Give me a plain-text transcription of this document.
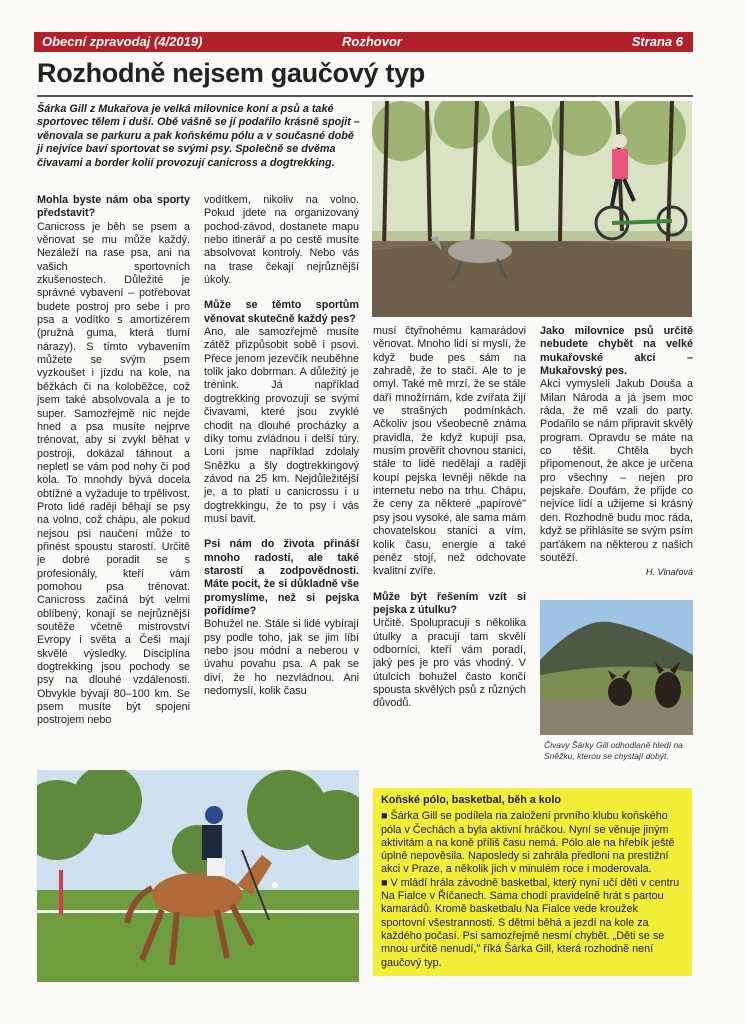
Obecní zpravodaj (4/2019)	Rozhovor	Strana 6
Rozhodně nejsem gaučový typ
Šárka Gill z Mukařova je velká milovnice koní a psů a také sportovec tělem i duší. Obě vášně se jí podařilo krásně spojit – věnovala se parkuru a pak koňskému pólu a v současné době ji nejvíce baví sportovat se svými psy. Společně se dvěma čivavami a border kolií provozují canicross a dogtrekking.

Mohla byste nám oba sporty představit?

Canicross je běh se psem a věnovat se mu může každý. Nezáleží na rase psa, ani na vašich sportovních zkušenostech. Důležité je správné vybavení – potřebovat budete postroj pro sebe i pro psa a vodítko s amortizérem (pružná guma, která tlumí nárazy). S tímto vybavením můžete se svým psem vyzkoušet i jízdu na kole, na běžkách či na koloběžce, což jsem také absolvovala a je to super. Samozřejmě nic nejde hned a psa musíte nejprve trénovat, aby si zvykl běhat v postroji, dokázal táhnout a nepletl se vám pod nohy či pod kola. To mnohdy bývá docela obtížné a vyžaduje to trpělivost. Proto lidé raději běhají se psy na volno, což chápu, ale pokud nejsou psi naučení může to přinést spoustu starostí. Určitě je dobré poradit se s profesionály, kteří vám pomohou psa trénovat. Canicross začíná být velmi oblíbený, konají se nejrůznější soutěže včetně mistrovství Evropy i světa a Češi mají skvělé výsledky. Disciplína dogtrekking jsou pochody se psy na dlouhé vzdálenosti. Obvykle bývají 80–100 km. Se psem musíte být spojeni postrojem nebo

vodítkem, nikoliv na volno. Pokud jdete na organizovaný pochod-závod, dostanete mapu nebo itinerář a po cestě musíte absolvovat kontroly. Nebo vás na trase čekají nejrůznější úkoly.

Může se těmto sportům věnovat skutečně každý pes?

Ano, ale samozřejmě musíte zátěž přizpůsobit sobě i psovi. Přece jenom jezevčík neuběhne tolik jako dobrman. A důležitý je trénink. Já například dogtrekking provozuji se svými čivavami, které jsou zvyklé chodit na dlouhé procházky a díky tomu zvládnou i delší túry. Loni jsme například zdolaly Sněžku a šly dogtrekkingový závod na 25 km. Nejdůležitější je, a to platí u canicrossu i u dogtrekkingu, že to psy i vás musí bavit.

Psi nám do života přináší mnoho radosti, ale také starostí a zodpovědnosti. Máte pocit, že si důkladně vše promyslíme, než si pejska pořídíme?

Bohužel ne. Stále si lidé vybírají psy podle toho, jak se jim líbí nebo jsou módní a neberou v úvahu povahu psa. A pak se diví, že ho nezvládnou. Ani nedomyslí, kolik času

musí čtyřnohému kamarádovi věnovat. Mnoho lidí si myslí, že když bude pes sám na zahradě, že to stačí. Ale to je omyl. Také mě mrzí, že se stále daří množírnám, kde zvířata žijí ve strašných podmínkách. Ačkoliv jsou všeobecně známa pravidla, že když kupuji psa, musím prověřit chovnou stanici, stále to lidé nedělají a raději koupí pejska levněji někde na internetu nebo na trhu. Chápu, že ceny za některé „papírové" psy jsou vysoké, ale sama mám chovatelskou stanici a vím, kolik času, energie a také peněz stojí, než odchovate kvalitní zvíře.

Může být řešením vzít si pejska z útulku?

Určitě. Spolupracuji s několika útulky a pracují tam skvělí odborníci, kteří vám poradí, jaký pes je pro vás vhodný. V útulcích bohužel často končí spousta skvělých psů z různých důvodů.

Jako milovnice psů určitě nebudete chybět na velké mukařovské akci – Mukařovský pes.

Akci vymysleli Jakub Douša a Milan Národa a já jsem moc ráda, že mě vzali do party. Podařilo se nám připravit skvělý program. Opravdu se máte na co těšit. Chtěla bych připomenout, že akce je určena pro všechny – nejen pro pejskaře. Doufám, že přijde co nejvíce lidí a užijeme si krásný den. Rozhodně budu moc ráda, když se přihlásíte se svým psím parťákem na některou z našich soutěží.

H. Vlnařová

Čivavy Šárky Gill odhodlaně hledí na Sněžku, kterou se chystají dobýt.
Koňské pólo, basketbal, běh a kolo
■ Šárka Gill se podílela na založení prvního klubu koňského póla v Čechách a byla aktivní hráčkou. Nyní se věnuje jiným aktivitám a na koně příliš času nemá. Pólo ale na hřebík ještě úplně nepověsila. Naposledy si zahrála předloni na prestižní akci v Praze, a několik jich v minulém roce i moderovala.
■ V mládí hrála závodně basketbal, který nyní učí děti v centru Na Fialce v Říčanech. Sama chodí pravidelně hrát s partou kamarádů. Kromě basketbalu Na Fialce vede kroužek sportovní všestrannosti. S dětmi běhá a jezdí na kole za každého počasí. Psi samozřejmě nesmí chybět. „Děti se se mnou určitě nenudí," říká Šárka Gill, která rozhodně není gaučový typ.
